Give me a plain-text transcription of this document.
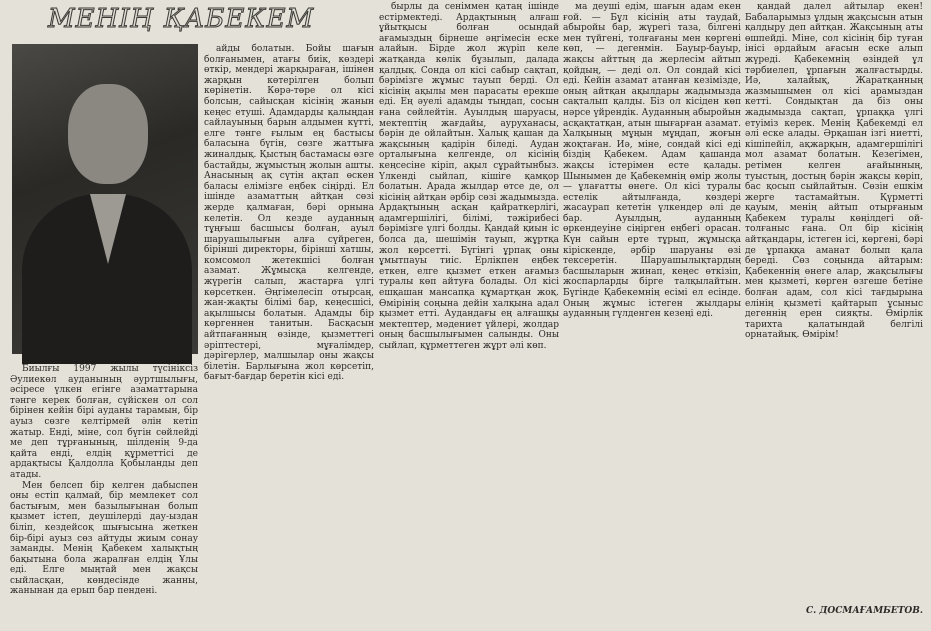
МЕНІҢ ҚАБЕКЕМ

Биылғы 1997 жылы түсініксіз Әулиекөл ауданының әуртшылығы, әсіресе үлкен егінге азаматтарына тәнге керек болған, сүйіскен ол сол бірінен кейін бірі ауданы тарамын, бір ауыз сөзге келтірмей әлін кетіп жатыр. Енді, міне, сол бүгін сөйлейді ме деп тұрғанының, шілденің 9-да қайта енді, елдің құрметтісі де ардақтысы Қалдолла Қобыланды деп атады.

Мен белсеп бір келген дабыспен оны естіп қалмай, бір мемлекет сол бастығым, мен базылығынан болып қызмет істеп, деушілерді дау-ыздан біліп, кездейсоқ шығысына жеткен бір-бірі ауыз сөз айтуды жиым сонау заманды. Менің Қабекем халықтың бақытына бола жаралған елдің Ұлы еді. Елге мыңтай мен жақсы сыйласқан, көндесінде жанны, жанынан да ерып бар пендені.

айды болатын. Бойы шағын болғанымен, атағы биік, көздері өткір, мендері жарқыраған, ішінен жарқын көтерілген болып көрінетін. Көрә-төре ол кісі болсын, сайысқан кісінің жанын кеңес етуші. Адамдарды қалыңдан сайлауының барын алдымен күтті, елге тәнге ғылым ең бастысы баласына бүгін, сөзге жаттыға жиналдық. Қыстың бастамасы өзге бастайды, жұмыстың жолын ашты. Анасының ақ сүтін ақтап өскен баласы елімізге еңбек сіңірді. Ел ішінде азаматтың айтқан сөзі жерде қалмаған, бәрі орнына келетін. Ол кезде ауданның тұңғыш басшысы болған, ауыл шаруашылығын алға сүйреген, бірінші директоры, бірінші хатшы, комсомол жетекшісі болған азамат. Жұмысқа келгенде, жүрегін салып, жастарға үлгі көрсеткен. Әңгімелесіп отырсаң, жан-жақты білімі бар, кеңесшісі, ақылшысы болатын. Адамды бір көргеннен танитын. Басқасын айтпағанның өзінде, қызметтегі әріптестері, мұғалімдер, дәрігерлер, малшылар оны жақсы білетін. Барлығына жол көрсетіп, бағыт-бағдар беретін кісі еді.

бырлы да сеніммен қатаң ішінде естірмектеді. Ардақтының алғаш ұйытқысы болған осындай ағамыздың бірнеше әңгімесін еске алайын. Бірде жол жүріп келе жатқанда көлік бұзылып, далада қалдық. Сонда ол кісі сабыр сақтап, бәрімізге жұмыс тауып берді. Ол кісінің ақылы мен парасаты ерекше еді. Ең әуелі адамды тыңдап, сосын ғана сөйлейтін. Ауылдың шаруасы, мектептің жағдайы, ауруханасы, бәрін де ойлайтын. Халық қашан да жақсының қадірін біледі. Аудан орталығына келгенде, ол кісінің кеңсесіне кіріп, ақыл сұрайтынбыз. Үлкенді сыйлап, кішіге қамқор болатын. Арада жылдар өтсе де, ол кісінің айтқан әрбір сөзі жадымызда. Ардақтының асқан қайраткерлігі, адамгершілігі, білімі, тәжірибесі бәрімізге үлгі болды. Қандай қиын іс болса да, шешімін тауып, жұртқа жол көрсетті. Бүгінгі ұрпақ оны ұмытпауы тиіс. Ерлікпен еңбек еткен, елге қызмет еткен ағамыз туралы көп айтуға болады. Ол кісі ешқашан мансапқа құмартқан жоқ. Өмірінің соңына дейін халқына адал қызмет етті. Аудандағы ең алғашқы мектептер, мәдениет үйлері, жолдар оның басшылығымен салынды. Оны сыйлап, құрметтеген жұрт әлі көп.

ма деуші едім, шағын адам екен ғой. — Бұл кісінің аты таудай, абыройы бар, жүрегі таза, білгені мен түйгені, толғағаны мен көргені көп, — дегенмін. Бауыр-бауыр, жақсы айттың да жерлесім айтып қойдың, — деді ол. Ол сондай кісі еді. Кейін азамат атанған кезімізде, оның айтқан ақылдары жадымызда сақталып қалды. Біз ол кісіден көп нәрсе үйрендік. Ауданның абыройын асқақтатқан, атын шығарған азамат. Халқының мұңын мұңдап, жоғын жоқтаған. Иә, міне, сондай кісі еді біздің Қабекем. Адам қашанда жақсы істерімен есте қалады. Шынымен де Қабекемнің өмір жолы — ұлағатты өнеге. Ол кісі туралы естелік айтылғанда, көздері жасаурап кететін үлкендер әлі де бар. Ауылдың, ауданның өркендеуіне сіңірген еңбегі орасан. Күн сайын ерте тұрып, жұмысқа кіріскенде, әрбір шаруаны өзі тексеретін. Шаруашылықтардың басшыларын жинап, кеңес өткізіп, жоспарларды бірге талқылайтын. Бүгінде Қабекемнің есімі ел есінде. Оның жұмыс істеген жылдары ауданның гүлденген кезеңі еді.

қандай далел айтылар екен! Бабаларымыз ұлдың жақсысын атын қалдыру деп айтқан. Жақсының аты өшпейді. Міне, сол кісінің бір туған інісі әрдайым ағасын еске алып жүреді. Қабекемнің өзіндей ұл тәрбиелеп, ұрпағын жалғастырды. Иә, халайық, Жаратқанның жазмышымен ол кісі арамыздан кетті. Сондықтан да біз оны жадымызда сақтап, ұрпаққа үлгі етуіміз керек. Менің Қабекемді ел әлі еске алады. Әрқашан ізгі ниетті, кішіпейіл, ақжарқын, адамгершілігі мол азамат болатын. Кезегімен, ретімен келген ағайынның, туыстың, достың бәрін жақсы көріп, бас қосып сыйлайтын. Сөзін ешкім жерге тастамайтын. Қүрметті қауым, менің айтып отырғаным Қабекем туралы көңілдегі ой-толғаныс ғана. Ол бір кісінің айтқандары, істеген ісі, көргені, бәрі де ұрпаққа аманат болып қала береді. Сөз соңында айтарым: Қабекеннің өнеге алар, жақсылығы мен қызметі, көрген өзгеше бетіне болған адам, сол кісі тағдырына елінің қызметі қайтарып ұсыныс дегеннің ерен сияқты. Өмірлік тарихта қалатындай белгілі орнатайық. Өмірім!

С. ДОСМАҒАМБЕТОВ.
